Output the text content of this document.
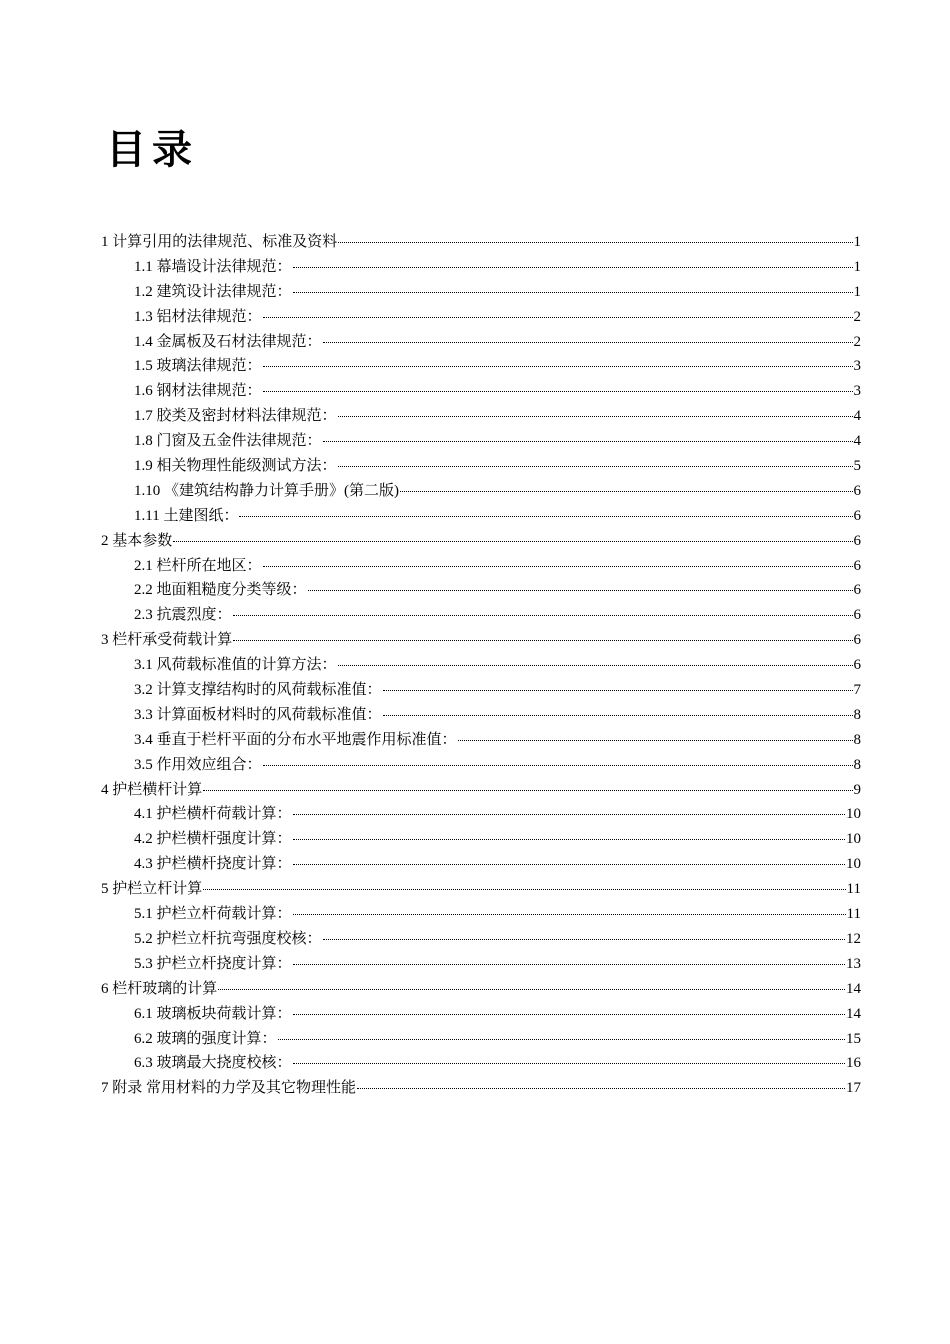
目录
1 计算引用的法律规范、标准及资料	1
1.1 幕墙设计法律规范：	1
1.2 建筑设计法律规范：	1
1.3 铝材法律规范：	2
1.4 金属板及石材法律规范：	2
1.5 玻璃法律规范：	3
1.6 钢材法律规范：	3
1.7 胶类及密封材料法律规范：	4
1.8 门窗及五金件法律规范：	4
1.9 相关物理性能级测试方法：	5
1.10 《建筑结构静力计算手册》(第二版)	6
1.11 土建图纸：	6
2 基本参数	6
2.1 栏杆所在地区：	6
2.2 地面粗糙度分类等级：	6
2.3 抗震烈度：	6
3 栏杆承受荷载计算	6
3.1 风荷载标准值的计算方法：	6
3.2 计算支撑结构时的风荷载标准值：	7
3.3 计算面板材料时的风荷载标准值：	8
3.4 垂直于栏杆平面的分布水平地震作用标准值：	8
3.5 作用效应组合：	8
4 护栏横杆计算	9
4.1 护栏横杆荷载计算：	10
4.2 护栏横杆强度计算：	10
4.3 护栏横杆挠度计算：	10
5 护栏立杆计算	11
5.1 护栏立杆荷载计算：	11
5.2 护栏立杆抗弯强度校核：	12
5.3 护栏立杆挠度计算：	13
6 栏杆玻璃的计算	14
6.1 玻璃板块荷载计算：	14
6.2 玻璃的强度计算：	15
6.3 玻璃最大挠度校核：	16
7 附录 常用材料的力学及其它物理性能	17
